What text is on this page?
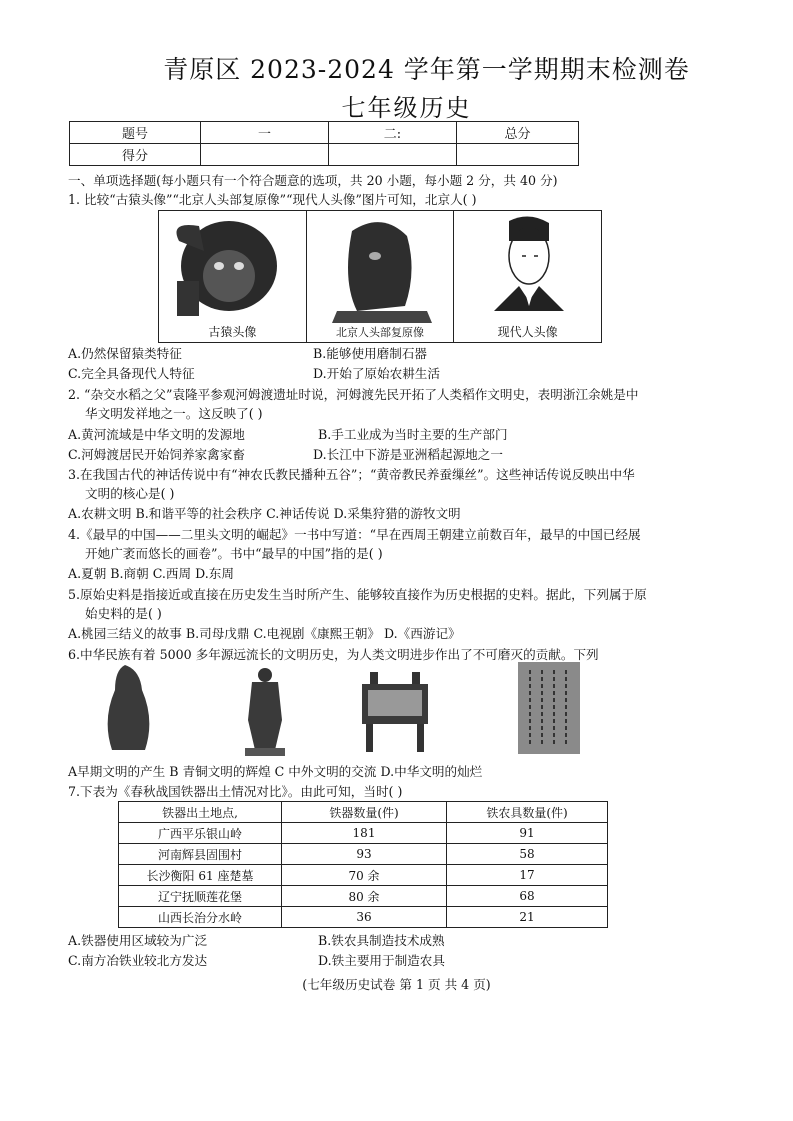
青原区 2023-2024 学年第一学期期末检测卷
七年级历史
题号	一	二:	总分
得分			
一、单项选择题(每小题只有一个符合题意的选项，共 20 小题，每小题 2 分，共 40 分)
1. 比较“古猿头像”“北京人头部复原像”“现代人头像”图片可知，北京人( )
古猿头像	北京人头部复原像	现代人头像
A.仍然保留猿类特征	B.能够使用磨制石器
C.完全具备现代人特征	D.开始了原始农耕生活
2. “杂交水稻之父”袁隆平参观河姆渡遗址时说，河姆渡先民开拓了人类稻作文明史，表明浙江余姚是中
华文明发祥地之一。这反映了( )
A.黄河流域是中华文明的发源地	B.手工业成为当时主要的生产部门
C.河姆渡居民开始饲养家禽家畜	D.长江中下游是亚洲稻起源地之一
3.在我国古代的神话传说中有“神农氏教民播种五谷”；“黄帝教民养蚕缫丝”。这些神话传说反映出中华
文明的核心是( )
A.农耕文明 B.和谐平等的社会秩序 C.神话传说 D.采集狩猎的游牧文明
4.《最早的中国——二里头文明的崛起》一书中写道：“早在西周王朝建立前数百年，最早的中国已经展
开她广袤而悠长的画卷”。书中“最早的中国”指的是( )
A.夏朝 B.商朝 C.西周 D.东周
5.原始史料是指接近或直接在历史发生当时所产生、能够较直接作为历史根据的史料。据此，下列属于原
始史料的是( )
A.桃园三结义的故事 B.司母戊鼎 C.电视剧《康熙王朝》 D.《西游记》
6.中华民族有着 5000 多年源远流长的文明历史，为人类文明进步作出了不可磨灭的贡献。下列
A早期文明的产生 B 青铜文明的辉煌 C 中外文明的交流 D.中华文明的灿烂
7.下表为《春秋战国铁器出土情况对比》。由此可知，当时( )
铁器出土地点,	铁器数量(件)	铁农具数量(件)
广西平乐银山岭	181	91
河南辉县固围村	93	58
长沙衡阳 61 座楚墓	70 余	17
辽宁抚顺莲花堡	80 余	68
山西长治分水岭	36	21
A.铁器使用区域较为广泛	B.铁农具制造技术成熟
C.南方冶铁业较北方发达	D.铁主要用于制造农具
(七年级历史试卷 第 1 页 共 4 页)
